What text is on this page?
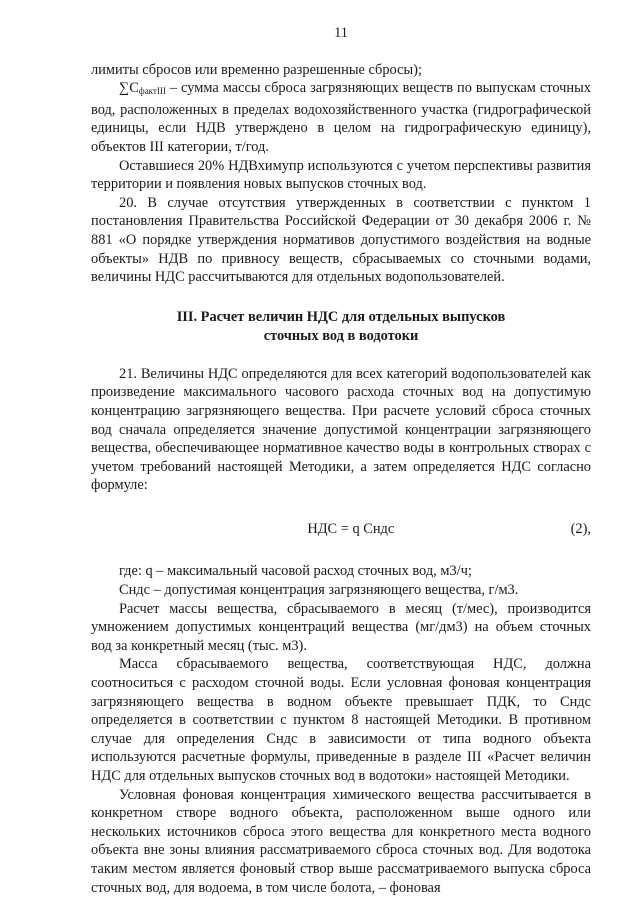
11

лимиты сбросов или временно разрешенные сбросы);

$\sum C_{фактIII}$ – сумма массы сброса загрязняющих веществ по выпускам сточных вод, расположенных в пределах водохозяйственного участка (гидрографической единицы, если НДВ утверждено в целом на гидрографическую единицу), объектов III категории, т/год.

Оставшиеся 20% НДВхимупр используются с учетом перспективы развития территории и появления новых выпусков сточных вод.

20. В случае отсутствия утвержденных в соответствии с пунктом 1 постановления Правительства Российской Федерации от 30 декабря 2006 г. № 881 «О порядке утверждения нормативов допустимого воздействия на водные объекты» НДВ по привносу веществ, сбрасываемых со сточными водами, величины НДС рассчитываются для отдельных водопользователей.

III. Расчет величин НДС для отдельных выпусков
сточных вод в водотоки

21. Величины НДС определяются для всех категорий водопользователей как произведение максимального часового расхода сточных вод на допустимую концентрацию загрязняющего вещества. При расчете условий сброса сточных вод сначала определяется значение допустимой концентрации загрязняющего вещества, обеспечивающее нормативное качество воды в контрольных створах с учетом требований настоящей Методики, а затем определяется НДС согласно формуле:

НДС = q Cндс	(2),

где: q – максимальный часовой расход сточных вод, м3/ч;

Cндс – допустимая концентрация загрязняющего вещества, г/м3.

Расчет массы вещества, сбрасываемого в месяц (т/мес), производится умножением допустимых концентраций вещества (мг/дм3) на объем сточных вод за конкретный месяц (тыс. м3).

Масса сбрасываемого вещества, соответствующая НДС, должна соотноситься с расходом сточной воды. Если условная фоновая концентрация загрязняющего вещества в водном объекте превышает ПДК, то Cндс определяется в соответствии с пунктом 8 настоящей Методики. В противном случае для определения Cндс в зависимости от типа водного объекта используются расчетные формулы, приведенные в разделе III «Расчет величин НДС для отдельных выпусков сточных вод в водотоки» настоящей Методики.

Условная фоновая концентрация химического вещества рассчитывается в конкретном створе водного объекта, расположенном выше одного или нескольких источников сброса этого вещества для конкретного места водного объекта вне зоны влияния рассматриваемого сброса сточных вод. Для водотока таким местом является фоновый створ выше рассматриваемого выпуска сброса сточных вод, для водоема, в том числе болота, – фоновая
